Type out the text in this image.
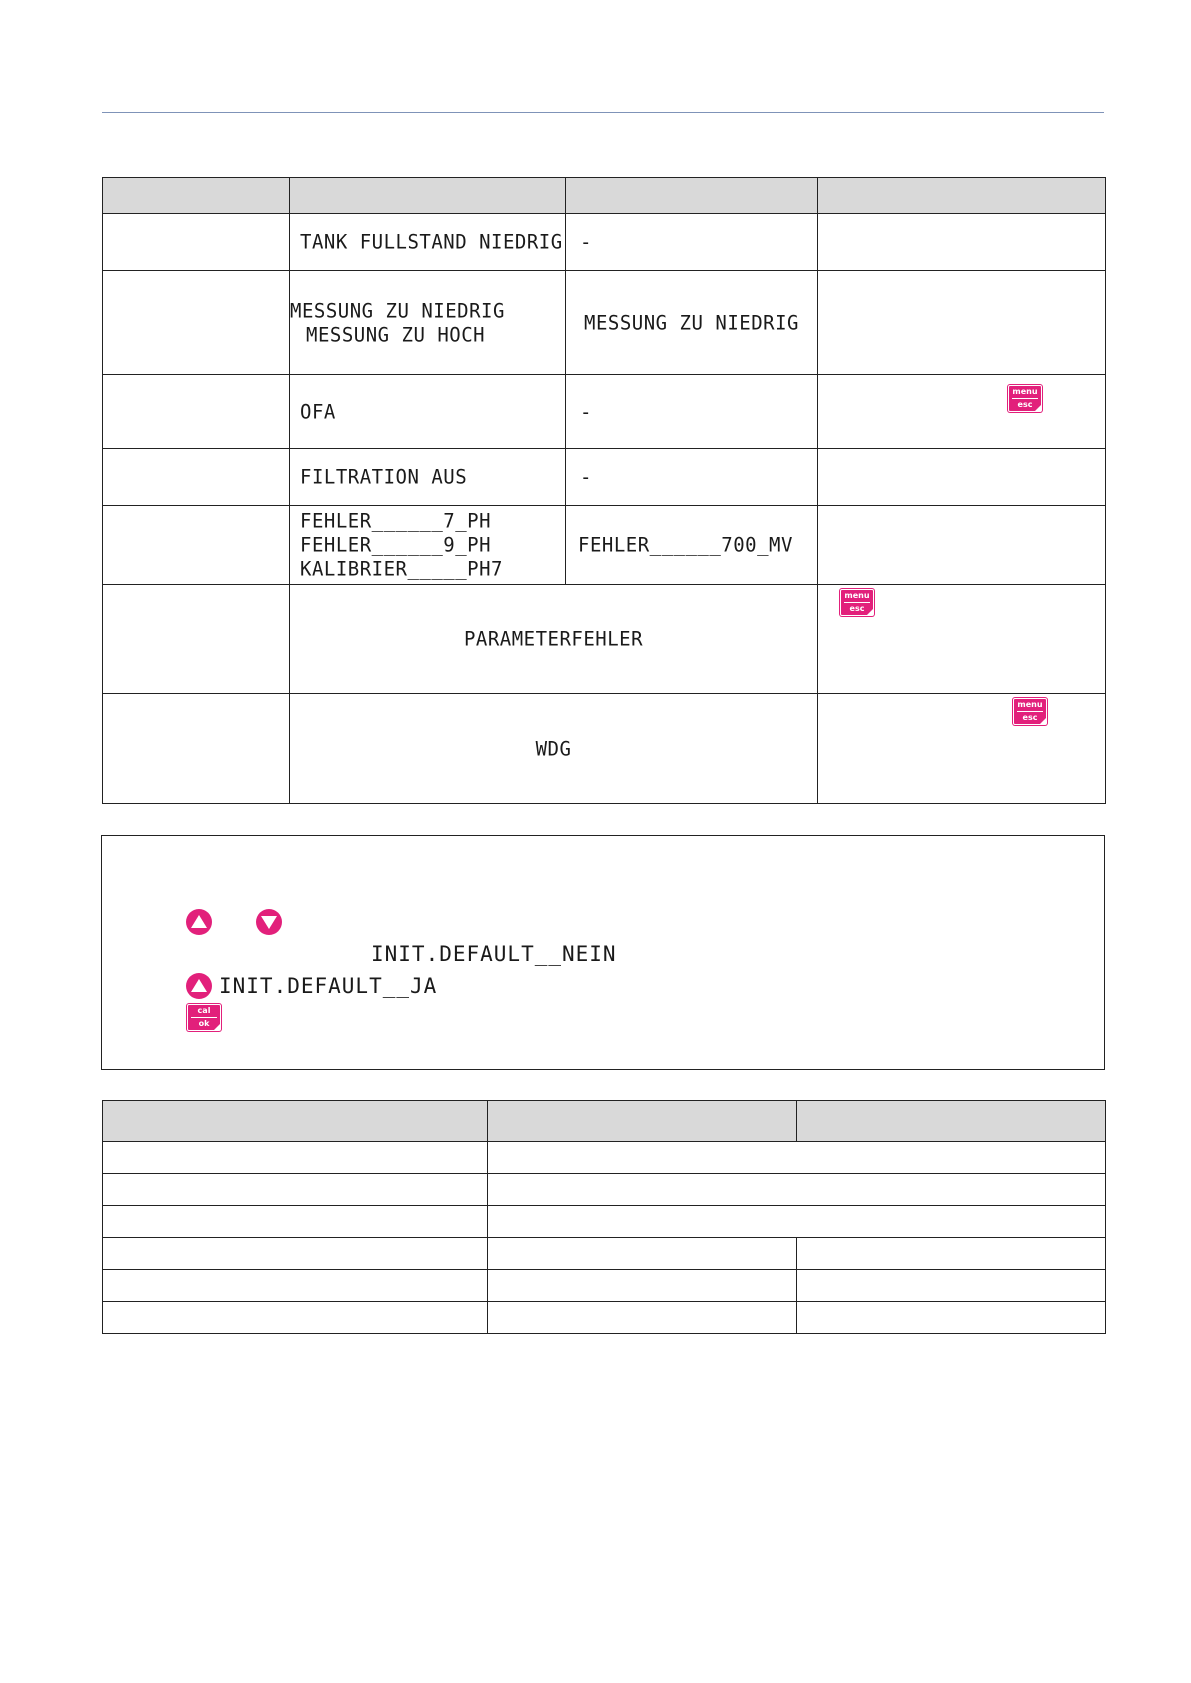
	TANK FULLSTAND NIEDRIG	-	

	MESSUNG ZU NIEDRIG
MESSUNG ZU HOCH	MESSUNG ZU NIEDRIG	

	OFA	-	menu
esc

	FILTRATION AUS	-	

	FEHLER______7_PH
FEHLER______9_PH
KALIBRIER_____PH7	FEHLER______700_MV	

	PARAMETERFEHLER		menu
esc

	WDG		menu
esc
INIT.DEFAULT__NEIN
INIT.DEFAULT__JA
cal
ok
